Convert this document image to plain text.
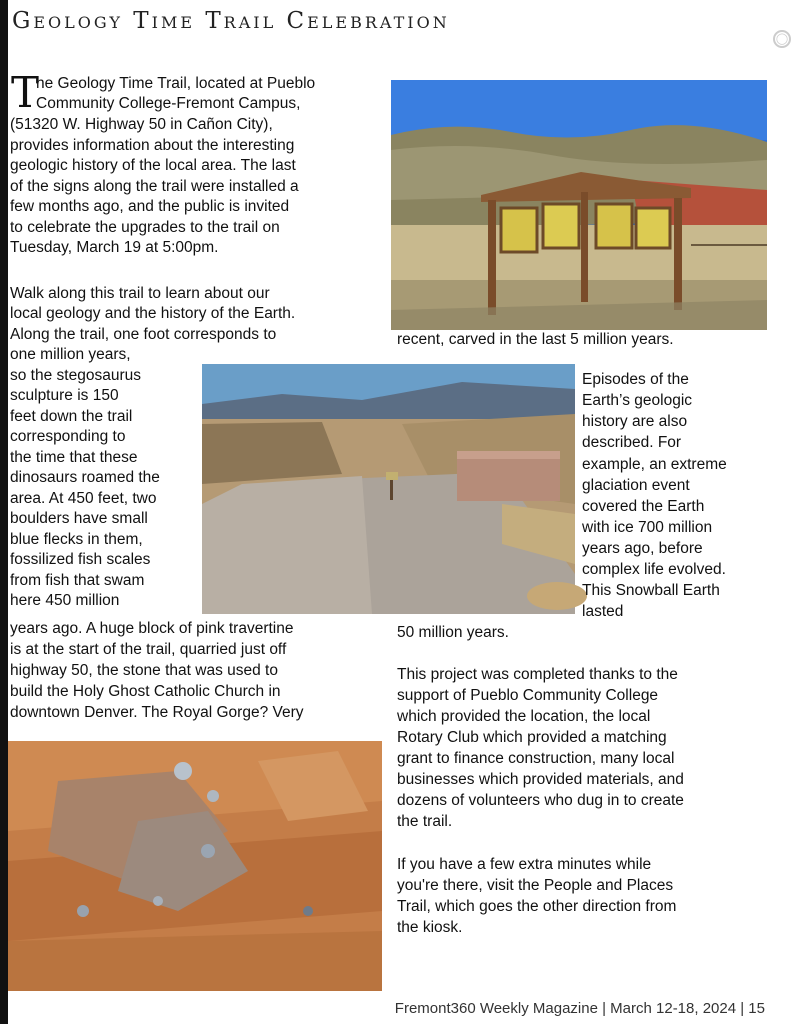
Geology Time Trail Celebration
◯
T
recent, carved in the last 5 million years.
he Geology Time Trail, located at Pueblo
Community College-Fremont Campus,
(51320 W. Highway 50 in Cañon City),
provides information about the interesting
geologic history of the local area. The last
of the signs along the trail were installed a
few months ago, and the public is invited
to celebrate the upgrades to the trail on
Tuesday, March 19 at 5:00pm.
Walk along this trail to learn about our
local geology and the history of the Earth.
Along the trail, one foot corresponds to
one million years,
so the stegosaurus
sculpture is 150
feet down the trail
corresponding to
the time that these
dinosaurs roamed the
area. At 450 feet, two
boulders have small
blue flecks in them,
fossilized fish scales
from fish that swam
here 450 million
years ago. A huge block of pink travertine
is at the start of the trail, quarried just off
highway 50, the stone that was used to
build the Holy Ghost Catholic Church in
downtown Denver. The Royal Gorge? Very
Episodes of the
Earth’s geologic
history are also
described. For
example, an extreme
glaciation event
covered the Earth
with ice 700 million
years ago, before
complex life evolved.
This Snowball Earth
lasted
50 million years.
This project was completed thanks to the
support of Pueblo Community College
which provided the location, the local
Rotary Club which provided a matching
grant to finance construction, many local
businesses which provided materials, and
dozens of volunteers who dug in to create
the trail.
If you have a few extra minutes while
you're there, visit the People and Places
Trail, which goes the other direction from
the kiosk.
Fremont360 Weekly Magazine | March 12-18, 2024 | 15
